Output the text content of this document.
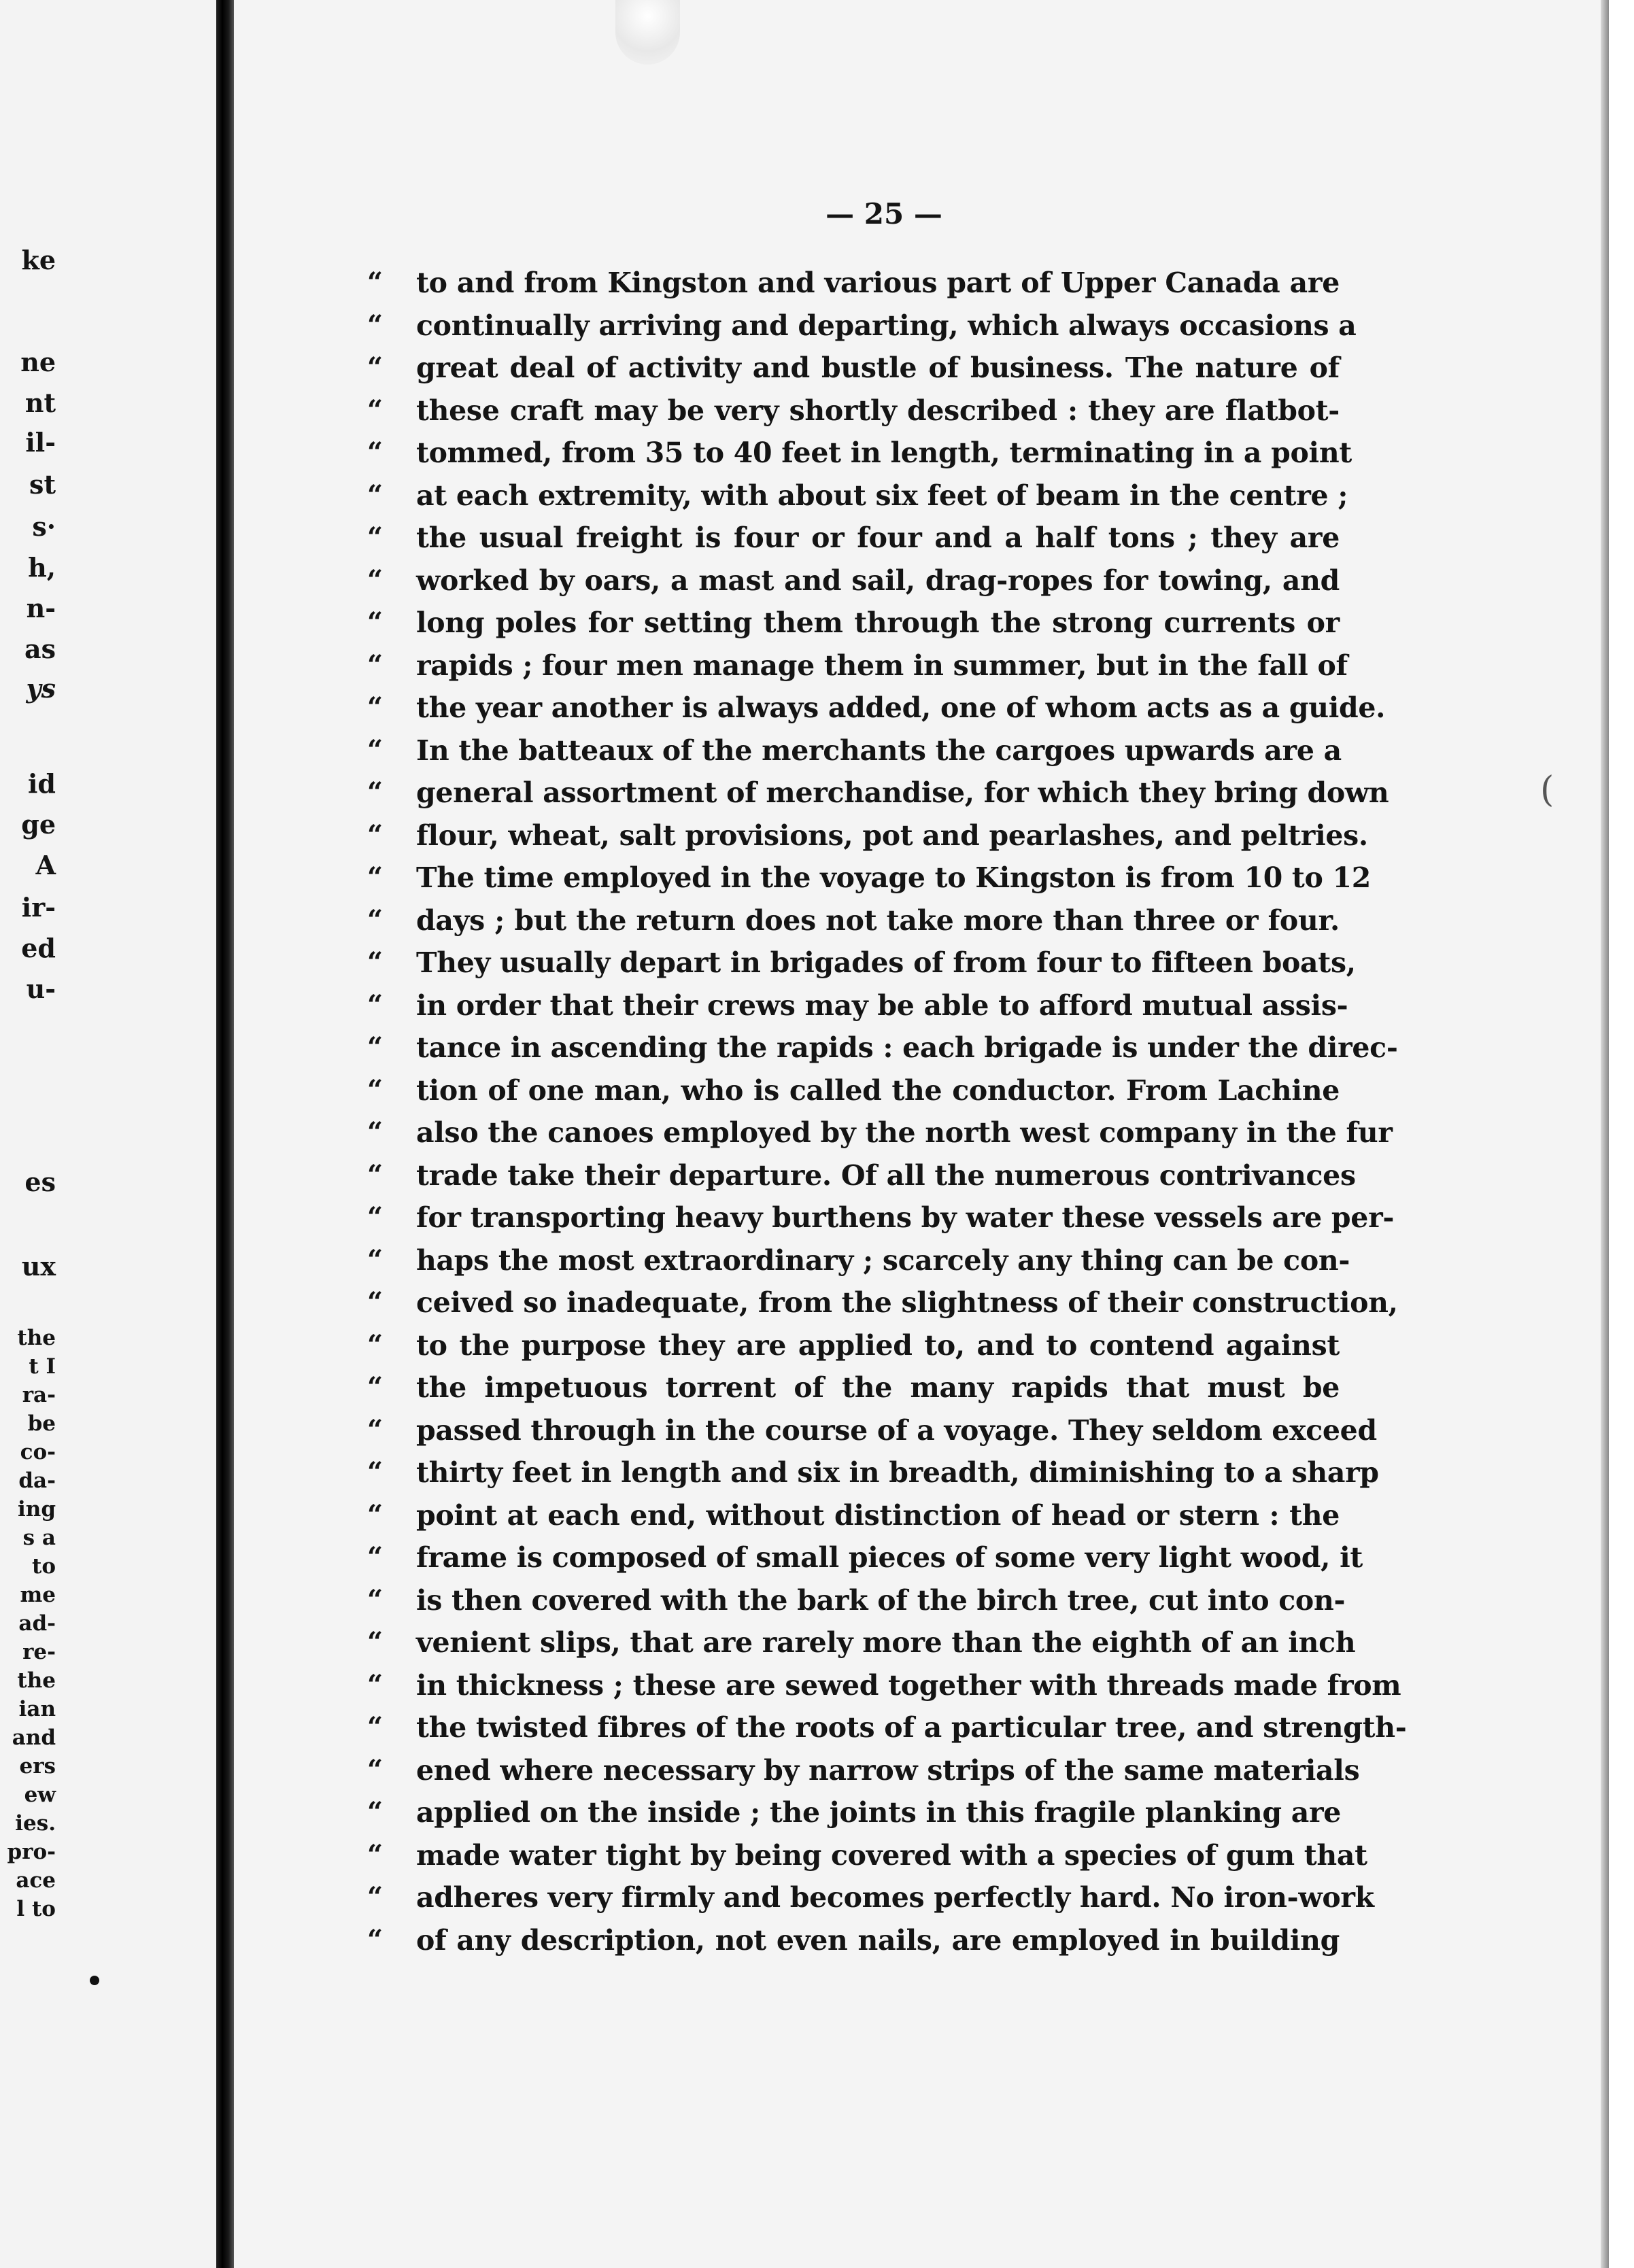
ke
ne
nt
il-
st
s·
h,
n-
as
ys
id
ge
A
ir-
ed
u-
es
ux
the
t I
ra-
be
co-
da-
ing
s a
to
me
ad-
re-
the
ian
and
ers
ew
ies.
pro-
ace
l to
— 25 —
(
“ to and from Kingston and various part of Upper Canada are
“ continually arriving and departing, which always occasions a
“ great deal of activity and bustle of business. The nature of
“ these craft may be very shortly described : they are flatbot-
“ tommed, from 35 to 40 feet in length, terminating in a point
“ at each extremity, with about six feet of beam in the centre ;
“ the usual freight is four or four and a half tons ; they are
“ worked by oars, a mast and sail, drag-ropes for towing, and
“ long poles for setting them through the strong currents or
“ rapids ; four men manage them in summer, but in the fall of
“ the year another is always added, one of whom acts as a guide.
“ In the batteaux of the merchants the cargoes upwards are a
“ general assortment of merchandise, for which they bring down
“ flour, wheat, salt provisions, pot and pearlashes, and peltries.
“ The time employed in the voyage to Kingston is from 10 to 12
“ days ; but the return does not take more than three or four.
“ They usually depart in brigades of from four to fifteen boats,
“ in order that their crews may be able to afford mutual assis-
“ tance in ascending the rapids : each brigade is under the direc-
“ tion of one man, who is called the conductor. From Lachine
“ also the canoes employed by the north west company in the fur
“ trade take their departure. Of all the numerous contrivances
“ for transporting heavy burthens by water these vessels are per-
“ haps the most extraordinary ; scarcely any thing can be con-
“ ceived so inadequate, from the slightness of their construction,
“ to the purpose they are applied to, and to contend against
“ the impetuous torrent of the many rapids that must be
“ passed through in the course of a voyage. They seldom exceed
“ thirty feet in length and six in breadth, diminishing to a sharp
“ point at each end, without distinction of head or stern : the
“ frame is composed of small pieces of some very light wood, it
“ is then covered with the bark of the birch tree, cut into con-
“ venient slips, that are rarely more than the eighth of an inch
“ in thickness ; these are sewed together with threads made from
“ the twisted fibres of the roots of a particular tree, and strength-
“ ened where necessary by narrow strips of the same materials
“ applied on the inside ; the joints in this fragile planking are
“ made water tight by being covered with a species of gum that
“ adheres very firmly and becomes perfectly hard. No iron-work
“ of any description, not even nails, are employed in building
